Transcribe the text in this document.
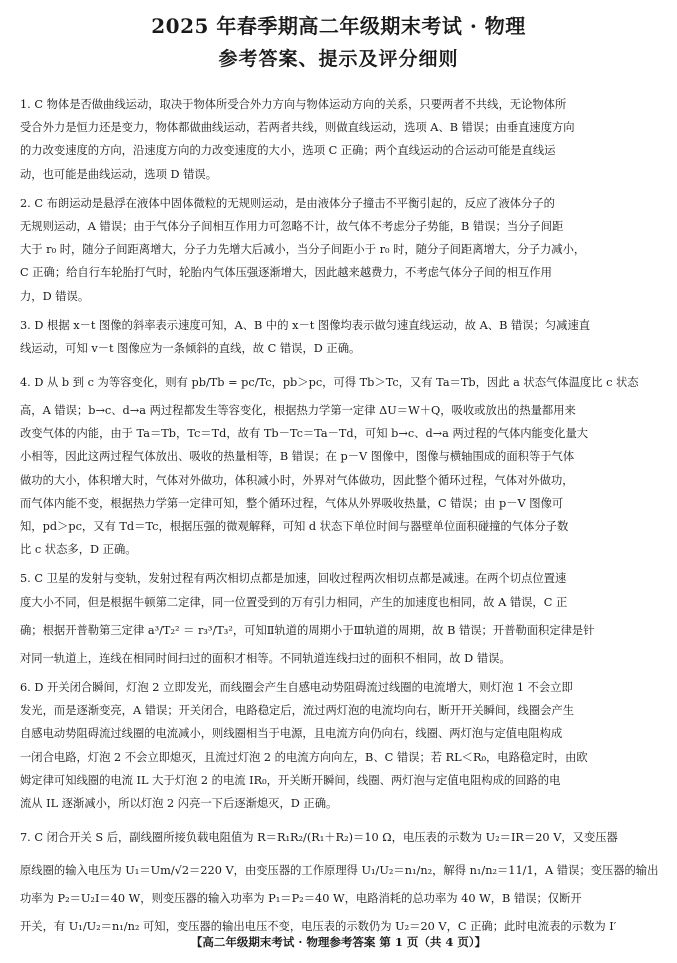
2025 年春季期高二年级期末考试 · 物理
参考答案、提示及评分细则
1. C 物体是否做曲线运动，取决于物体所受合外力方向与物体运动方向的关系，只要两者不共线，无论物体所
受合外力是恒力还是变力，物体都做曲线运动，若两者共线，则做直线运动，选项 A、B 错误；由垂直速度方向
的力改变速度的方向，沿速度方向的力改变速度的大小，选项 C 正确；两个直线运动的合运动可能是直线运
动，也可能是曲线运动，选项 D 错误。
2. C 布朗运动是悬浮在液体中固体微粒的无规则运动，是由液体分子撞击不平衡引起的，反应了液体分子的
无规则运动，A 错误；由于气体分子间相互作用力可忽略不计，故气体不考虑分子势能，B 错误；当分子间距
大于 r₀ 时，随分子间距离增大，分子力先增大后减小，当分子间距小于 r₀ 时，随分子间距离增大，分子力减小，
C 正确；给自行车轮胎打气时，轮胎内气体压强逐渐增大，因此越来越费力，不考虑气体分子间的相互作用
力，D 错误。
3. D 根据 x－t 图像的斜率表示速度可知，A、B 中的 x－t 图像均表示做匀速直线运动，故 A、B 错误；匀减速直
线运动，可知 v－t 图像应为一条倾斜的直线，故 C 错误，D 正确。
4. D 从 b 到 c 为等容变化，则有 pb/Tb = pc/Tc，pb＞pc，可得 Tb＞Tc，又有 Ta＝Tb，因此 a 状态气体温度比 c 状态
高，A 错误；b→c、d→a 两过程都发生等容变化，根据热力学第一定律 ΔU＝W＋Q，吸收或放出的热量都用来
改变气体的内能，由于 Ta＝Tb，Tc＝Td，故有 Tb－Tc＝Ta－Td，可知 b→c、d→a 两过程的气体内能变化量大
小相等，因此这两过程气体放出、吸收的热量相等，B 错误；在 p－V 图像中，图像与横轴围成的面积等于气体
做功的大小，体积增大时，气体对外做功，体积减小时，外界对气体做功，因此整个循环过程，气体对外做功，
而气体内能不变，根据热力学第一定律可知，整个循环过程，气体从外界吸收热量，C 错误；由 p－V 图像可
知，pd＞pc，又有 Td＝Tc，根据压强的微观解释，可知 d 状态下单位时间与器壁单位面积碰撞的气体分子数
比 c 状态多，D 正确。
5. C 卫星的发射与变轨，发射过程有两次相切点都是加速，回收过程两次相切点都是减速。在两个切点位置速
度大小不同，但是根据牛顿第二定律，同一位置受到的万有引力相同，产生的加速度也相同，故 A 错误，C 正
确；根据开普勒第三定律 a³/T₂² ＝ r₃³/T₃²，可知Ⅱ轨道的周期小于Ⅲ轨道的周期，故 B 错误；开普勒面积定律是针
对同一轨道上，连线在相同时间扫过的面积才相等。不同轨道连线扫过的面积不相同，故 D 错误。
6. D 开关闭合瞬间，灯泡 2 立即发光，而线圈会产生自感电动势阻碍流过线圈的电流增大，则灯泡 1 不会立即
发光，而是逐渐变亮，A 错误；开关闭合，电路稳定后，流过两灯泡的电流均向右，断开开关瞬间，线圈会产生
自感电动势阻碍流过线圈的电流减小，则线圈相当于电源，且电流方向仍向右，线圈、两灯泡与定值电阻构成
一闭合电路，灯泡 2 不会立即熄灭，且流过灯泡 2 的电流方向向左，B、C 错误；若 RL＜R₀，电路稳定时，由欧
姆定律可知线圈的电流 IL 大于灯泡 2 的电流 IR₀，开关断开瞬间，线圈、两灯泡与定值电阻构成的回路的电
流从 IL 逐渐减小，所以灯泡 2 闪亮一下后逐渐熄灭，D 正确。
7. C 闭合开关 S 后，副线圈所接负载电阻值为 R＝R₁R₂/(R₁＋R₂)＝10 Ω，电压表的示数为 U₂＝IR＝20 V，又变压器
原线圈的输入电压为 U₁＝Um/√2＝220 V，由变压器的工作原理得 U₁/U₂＝n₁/n₂，解得 n₁/n₂＝11/1，A 错误；变压器的输出
功率为 P₂＝U₂I＝40 W，则变压器的输入功率为 P₁＝P₂＝40 W，电路消耗的总功率为 40 W，B 错误；仅断开
开关，有 U₁/U₂＝n₁/n₂ 可知，变压器的输出电压不变，电压表的示数仍为 U₂＝20 V，C 正确；此时电流表的示数为 I′
【高二年级期末考试 · 物理参考答案 第 1 页（共 4 页）】
